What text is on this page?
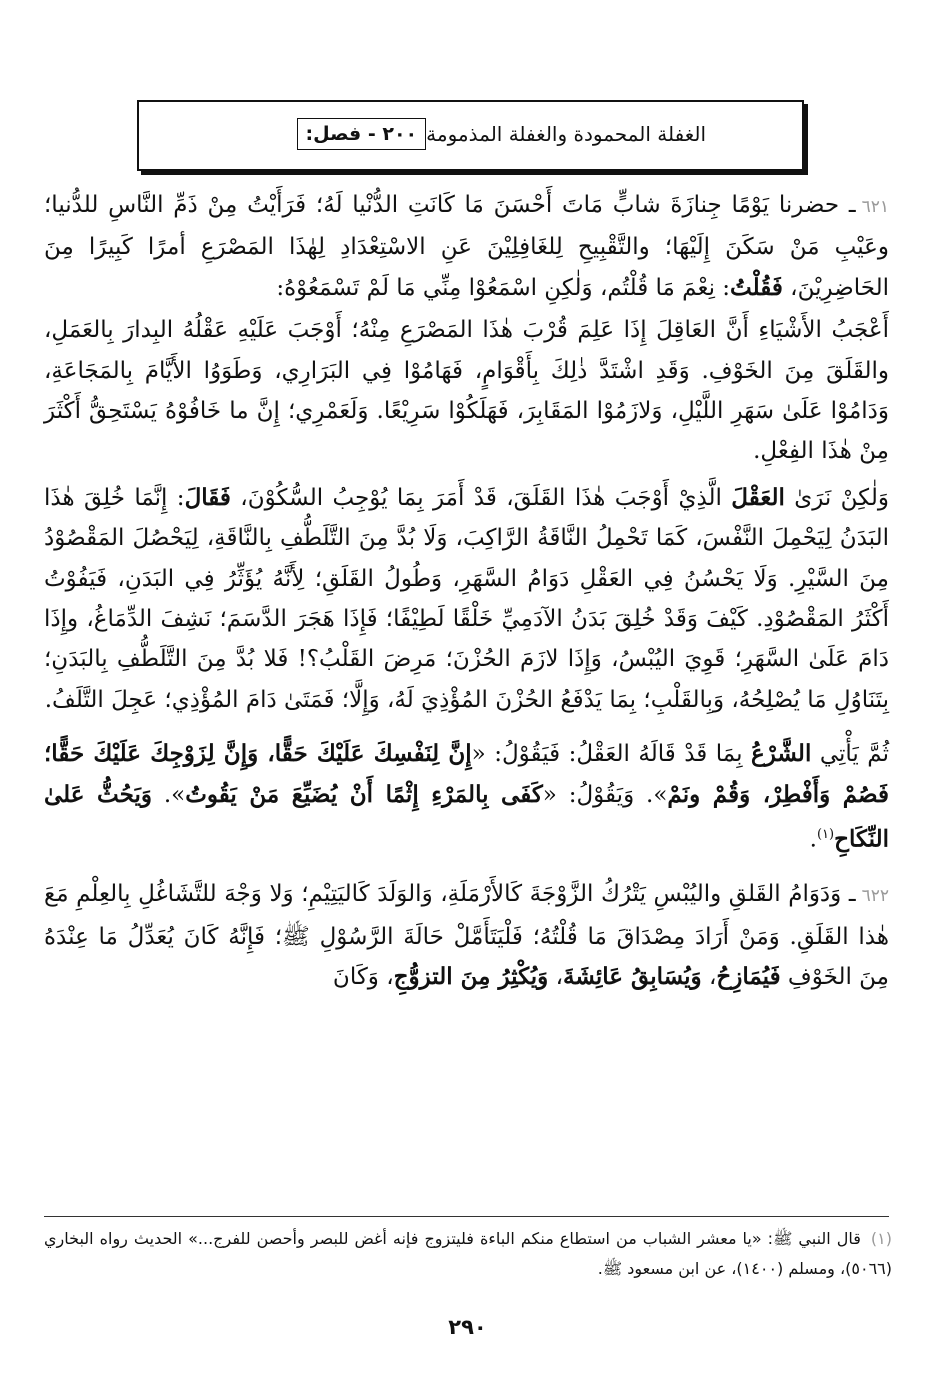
٢٠٠ - فصل: الغفلة المحمودة والغفلة المذمومة

٦٢١ـ حضرنا يَوْمًا جِنازَةَ شابٍّ مَاتَ أَحْسَنَ مَا كَانَتِ الدُّنْيا لَهُ؛ فَرَأَيْتُ مِنْ ذَمِّ النَّاسِ للدُّنيا؛ وعَيْبِ مَنْ سَكَنَ إِلَيْهَا؛ والتَّقْبِيحِ لِلغَافِلِيْنَ عَنِ الاسْتِعْدَادِ لِهٰذَا المَصْرَعِ أمرًا كَبِيرًا مِنَ الحَاضِرِيْنَ، فَقُلْتُ: نِعْمَ مَا قُلْتُم، وَلٰكِنِ اسْمَعُوْا مِنِّي مَا لَمْ تَسْمَعُوْهُ:

أَعْجَبُ الأَشْيَاءِ أَنَّ العَاقِلَ إِذَا عَلِمَ قُرْبَ هٰذَا المَصْرَعِ مِنْهُ؛ أَوْجَبَ عَلَيْهِ عَقْلُهُ البِدارَ بِالعَمَلِ، والقَلَقَ مِنَ الخَوْفِ. وَقَدِ اشْتَدَّ ذٰلِكَ بِأَقْوَامٍ، فَهَامُوْا فِي البَرَارِي، وَطَوَوُا الأَيَّامَ بِالمَجَاعَةِ، وَدَامُوْا عَلَىٰ سَهَرِ اللَّيْلِ، وَلازَمُوْا المَقَابِرَ، فَهَلَكُوْا سَرِيْعًا. وَلَعَمْرِي؛ إِنَّ ما خَافُوْهُ يَسْتَحِقُّ أَكْثَرَ مِنْ هٰذَا الفِعْلِ.

وَلٰكِنْ نَرَىٰ العَقْلَ الَّذِيْ أَوْجَبَ هٰذَا القَلَقَ، قَدْ أَمَرَ بِمَا يُوْجِبُ السُّكُوْنَ، فَقَالَ: إِنَّمَا خُلِقَ هٰذَا البَدَنُ لِيَحْمِلَ النَّفْسَ، كَمَا تَحْمِلُ النَّاقَةُ الرَّاكِبَ، وَلَا بُدَّ مِنَ التَّلَطُّفِ بِالنَّاقَةِ، لِيَحْصُلَ المَقْصُوْدُ مِنَ السَّيْرِ. وَلَا يَحْسُنُ فِي العَقْلِ دَوَامُ السَّهَرِ، وَطُولُ القَلَقِ؛ لِأَنَّهُ يُؤَثِّرُ فِي البَدَنِ، فَيَفُوْتُ أَكْثَرُ المَقْصُوْدِ. كَيْفَ وَقَدْ خُلِقَ بَدَنُ الآدَمِيِّ خَلْقًا لَطِيْفًا؛ فَإِذَا هَجَرَ الدَّسَمَ؛ نَشِفَ الدِّمَاغُ، وإِذَا دَامَ عَلَىٰ السَّهَرِ؛ قَوِيَ اليُبْسُ، وَإِذَا لازَمَ الحُزْنَ؛ مَرِضَ القَلْبُ؟! فَلا بُدَّ مِنَ التَّلَطُّفِ بِالبَدَنِ؛ بِتَنَاوُلِ مَا يُصْلِحُهُ، وَبِالقَلْبِ؛ بِمَا يَدْفَعُ الحُزْنَ المُؤْذِيَ لَهُ، وَإِلَّا؛ فَمَتَىٰ دَامَ المُؤْذِي؛ عَجِلَ التَّلَفُ.

ثُمَّ يَأْتِي الشَّرْعُ بِمَا قَدْ قَالَهُ العَقْلُ: فَيَقُوْلُ: «إِنَّ لِنَفْسِكَ عَلَيْكَ حَقًّا، وَإِنَّ لِزَوْجِكَ عَلَيْكَ حَقًّا؛ فَصُمْ وَأَفْطِرْ، وَقُمْ ونَمْ». وَيَقُوْلُ: «كَفَى بِالمَرْءِ إِثْمًا أَنْ يُضَيِّعَ مَنْ يَقُوتُ». وَيَحُثُّ عَلىٰ النِّكَاحِ$^{(١)}$.

٦٢٢ـ وَدَوَامُ القَلقِ واليُبْسِ يَتْرُكُ الزَّوْجَةَ كَالأَرْمَلَةِ، وَالوَلَدَ كَاليَتِيْمِ؛ وَلا وَجْهَ للتَّشَاغُلِ بِالعِلْمِ مَعَ هٰذا القَلَقِ. وَمَنْ أَرَادَ مِصْدَاقَ مَا قُلْتُهُ؛ فَلْيَتَأَمَّلْ حَالَةَ الرَّسُوْلِ ﷺ؛ فَإِنَّهُ كَانَ يُعَدِّلُ مَا عِنْدَهُ مِنَ الخَوْفِ فَيُمَازِحُ، وَيُسَابِقُ عَائِشَةَ، وَيُكْثِرُ مِنَ التزوُّجِ، وَكَانَ

(١) قال النبي ﷺ: «يا معشر الشباب من استطاع منكم الباءة فليتزوج فإنه أغض للبصر وأحصن للفرج...» الحديث رواه البخاري (٥٠٦٦)، ومسلم (١٤٠٠)، عن ابن مسعود ﷺ.
٢٩٠
